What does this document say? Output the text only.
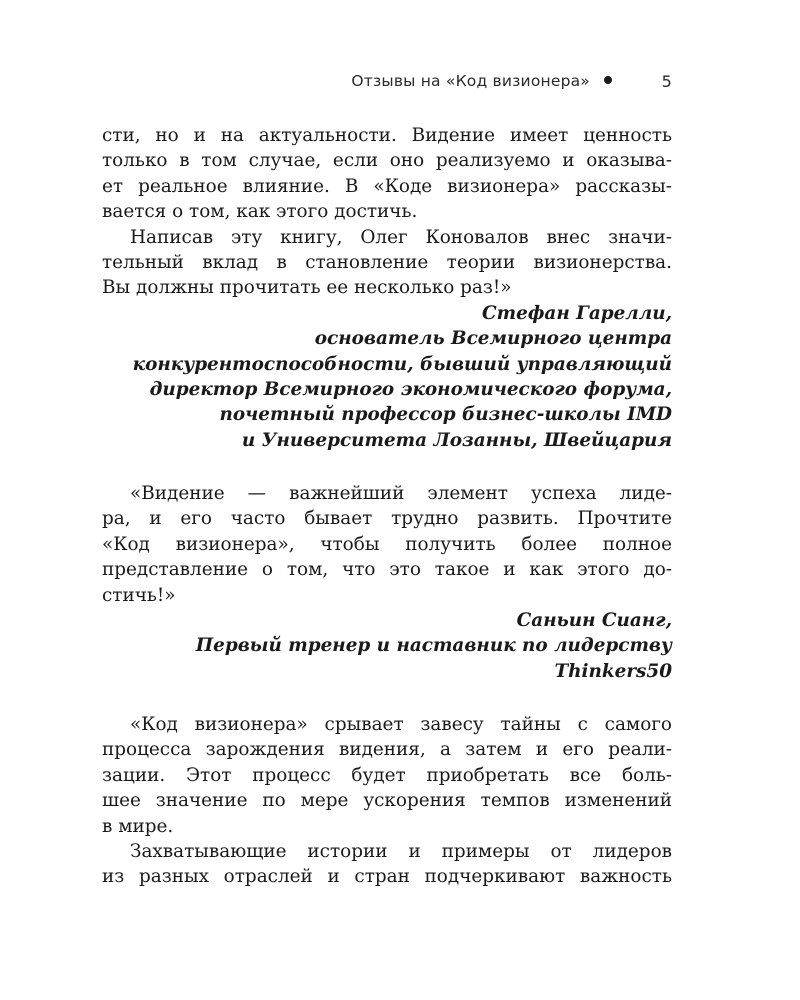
Отзывы на «Код визионера»	5
сти, но и на актуальности. Видение имеет ценность
только в том случае, если оно реализуемо и оказыва-
ет реальное влияние. В «Коде визионера» рассказы-
вается о том, как этого достичь.
Написав эту книгу, Олег Коновалов внес значи-
тельный вклад в становление теории визионерства.
Вы должны прочитать ее несколько раз!»
Стефан Гарелли,
основатель Всемирного центра
конкурентоспособности, бывший управляющий
директор Всемирного экономического форума,
почетный профессор бизнес-школы IMD
и Университета Лозанны, Швейцария
«Видение — важнейший элемент успеха лиде-
ра, и его часто бывает трудно развить. Прочтите
«Код визионера», чтобы получить более полное
представление о том, что это такое и как этого до-
стичь!»
Саньин Сианг,
Первый тренер и наставник по лидерству
Thinkers50
«Код визионера» срывает завесу тайны с самого
процесса зарождения видения, а затем и его реали-
зации. Этот процесс будет приобретать все боль-
шее значение по мере ускорения темпов изменений
в мире.
Захватывающие истории и примеры от лидеров
из разных отраслей и стран подчеркивают важность
